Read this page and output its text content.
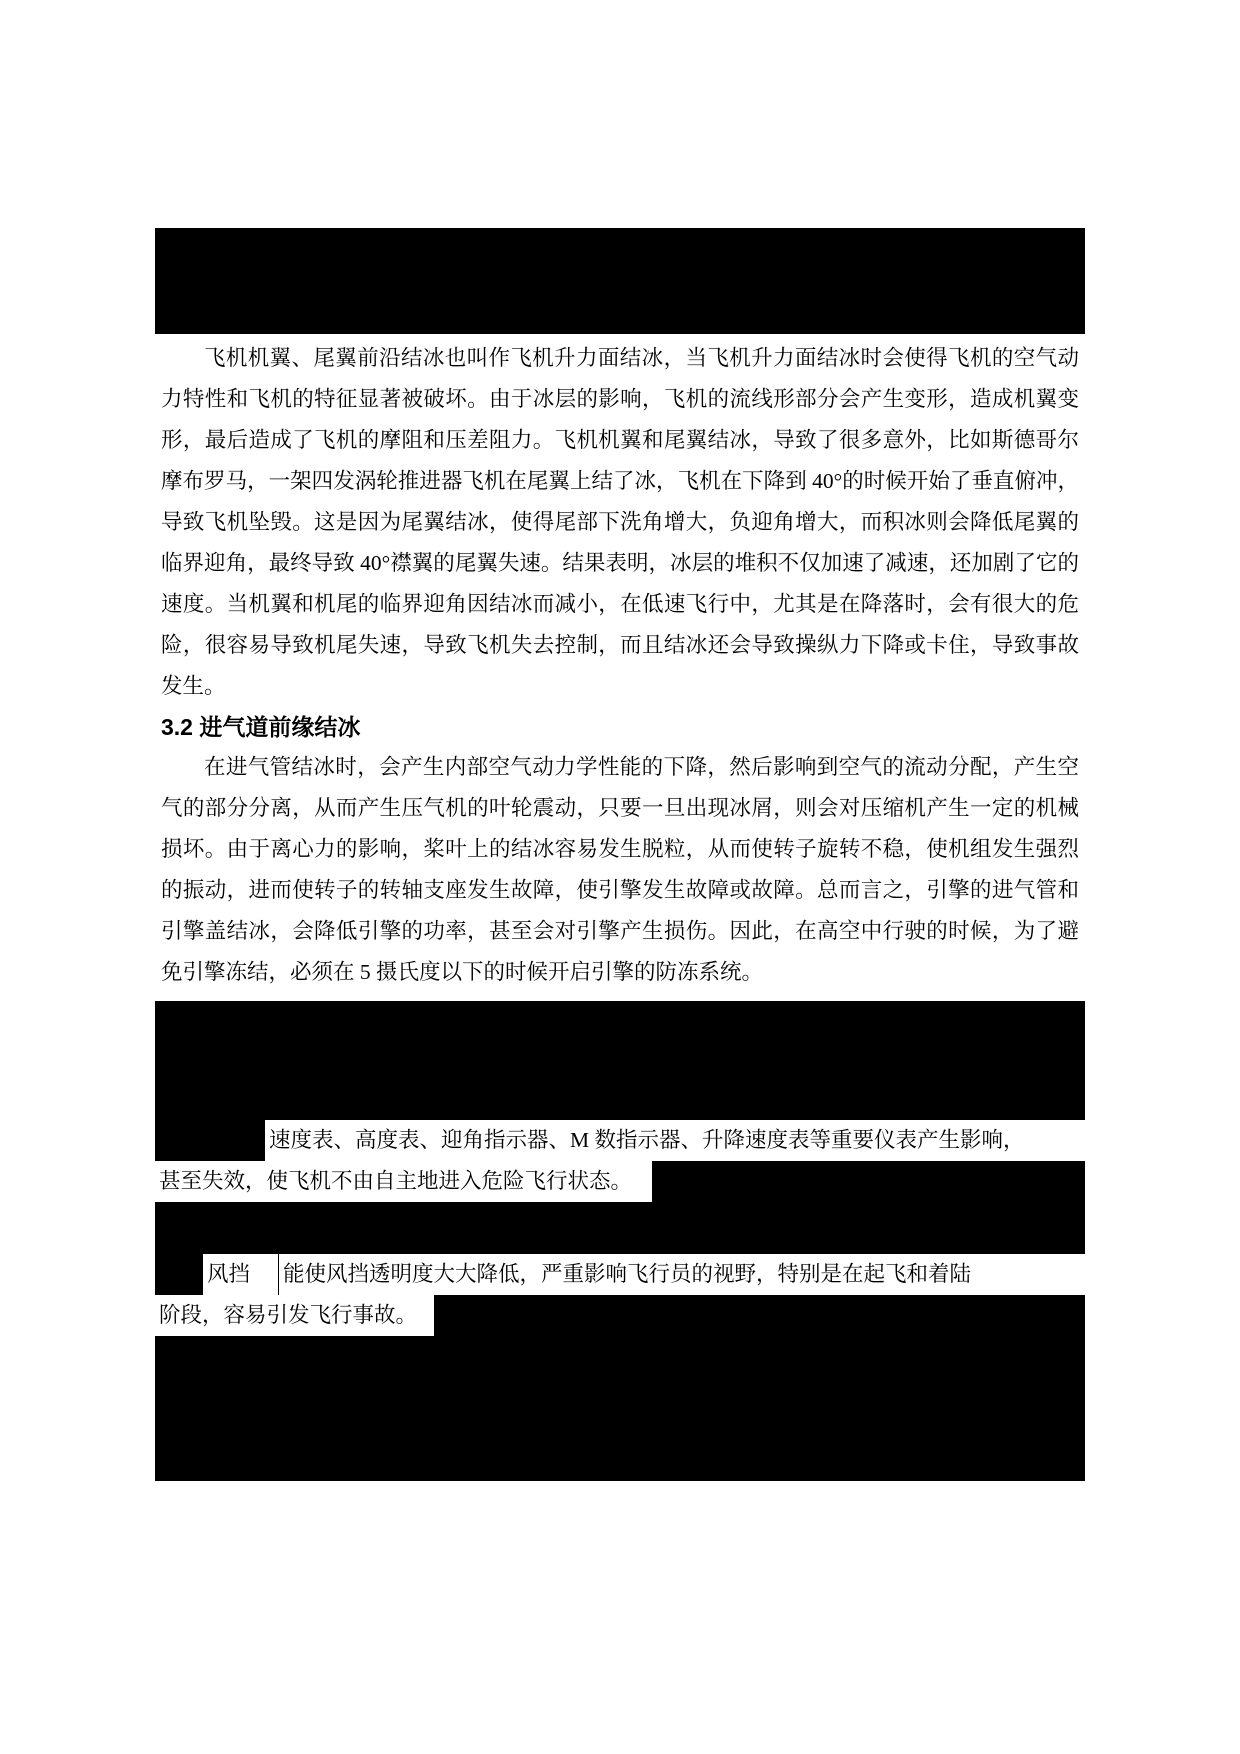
飞机机翼、尾翼前沿结冰也叫作飞机升力面结冰，当飞机升力面结冰时会使得飞机的空气动力特性和飞机的特征显著被破坏。由于冰层的影响，飞机的流线形部分会产生变形，造成机翼变形，最后造成了飞机的摩阻和压差阻力。飞机机翼和尾翼结冰，导致了很多意外，比如斯德哥尔摩布罗马，一架四发涡轮推进器飞机在尾翼上结了冰，飞机在下降到 40°的时候开始了垂直俯冲，导致飞机坠毁。这是因为尾翼结冰，使得尾部下洗角增大，负迎角增大，而积冰则会降低尾翼的临界迎角，最终导致 40°襟翼的尾翼失速。结果表明，冰层的堆积不仅加速了减速，还加剧了它的速度。当机翼和机尾的临界迎角因结冰而减小，在低速飞行中，尤其是在降落时，会有很大的危险，很容易导致机尾失速，导致飞机失去控制，而且结冰还会导致操纵力下降或卡住，导致事故发生。

3.2 进气道前缘结冰

在进气管结冰时，会产生内部空气动力学性能的下降，然后影响到空气的流动分配，产生空气的部分分离，从而产生压气机的叶轮震动，只要一旦出现冰屑，则会对压缩机产生一定的机械损坏。由于离心力的影响，桨叶上的结冰容易发生脱粒，从而使转子旋转不稳，使机组发生强烈的振动，进而使转子的转轴支座发生故障，使引擎发生故障或故障。总而言之，引擎的进气管和引擎盖结冰，会降低引擎的功率，甚至会对引擎产生损伤。因此，在高空中行驶的时候，为了避免引擎冻结，必须在 5 摄氏度以下的时候开启引擎的防冻系统。

速度表、高度表、迎角指示器、M 数指示器、升降速度表等重要仪表产生影响，

甚至失效，使飞机不由自主地进入危险飞行状态。

风挡	能使风挡透明度大大降低，严重影响飞行员的视野，特别是在起飞和着陆

阶段，容易引发飞行事故。
